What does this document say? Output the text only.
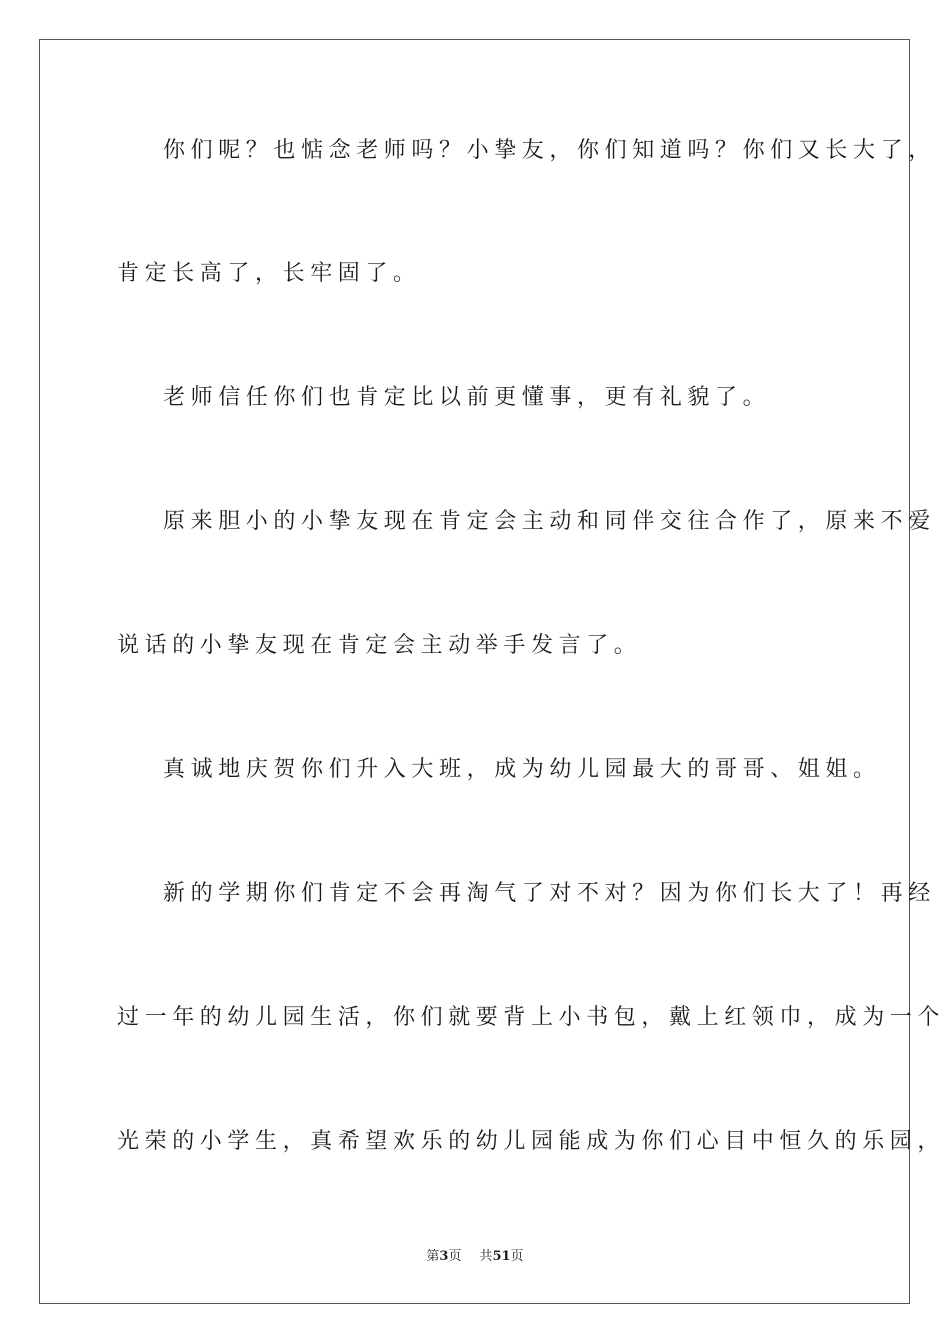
你们呢？也惦念老师吗？小挚友，你们知道吗？你们又长大了，
肯定长高了，长牢固了。
老师信任你们也肯定比以前更懂事，更有礼貌了。
原来胆小的小挚友现在肯定会主动和同伴交往合作了，原来不爱
说话的小挚友现在肯定会主动举手发言了。
真诚地庆贺你们升入大班，成为幼儿园最大的哥哥、姐姐。
新的学期你们肯定不会再淘气了对不对？因为你们长大了！再经
过一年的幼儿园生活，你们就要背上小书包，戴上红领巾，成为一个
光荣的小学生，真希望欢乐的幼儿园能成为你们心目中恒久的乐园，
第3页 共51页
